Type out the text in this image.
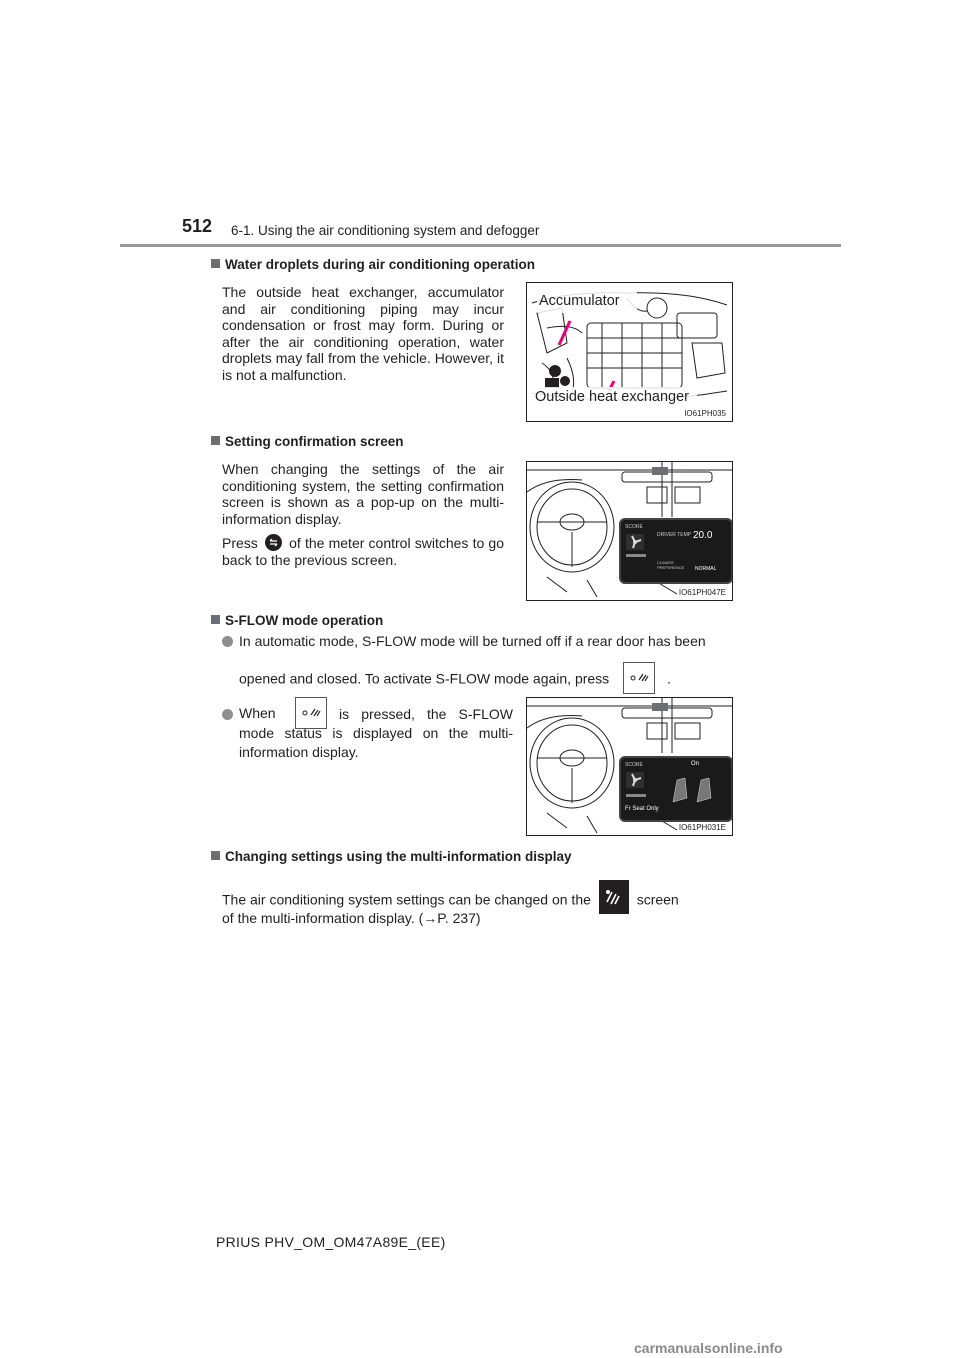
512 6-1. Using the air conditioning system and defogger
Water droplets during air conditioning operation
The outside heat exchanger, accumulator and air conditioning piping may incur condensation or frost may form. During or after the air conditioning operation, water droplets may fall from the vehicle. However, it is not a malfunction.
Accumulator
Outside heat exchanger
IO61PH035
Setting confirmation screen
When changing the settings of the air conditioning system, the setting confirmation screen is shown as a pop-up on the multi-information display.
Press of the meter control switches to go back to the previous screen.
SCORE
DRIVER TEMP 20.0
CLIMATE PREFERENCE	NORMAL
IO61PH047E
S-FLOW mode operation
In automatic mode, S-FLOW mode will be turned off if a rear door has been
opened and closed. To activate S-FLOW mode again, press	.
When	is pressed, the S-FLOW mode status is displayed on the multi-information display.
SCORE	On
Fr Seat Only
IO61PH031E
Changing settings using the multi-information display
The air conditioning system settings can be changed on the	screen
of the multi-information display. (→P. 237)
PRIUS PHV_OM_OM47A89E_(EE)
carmanualsonline.info
